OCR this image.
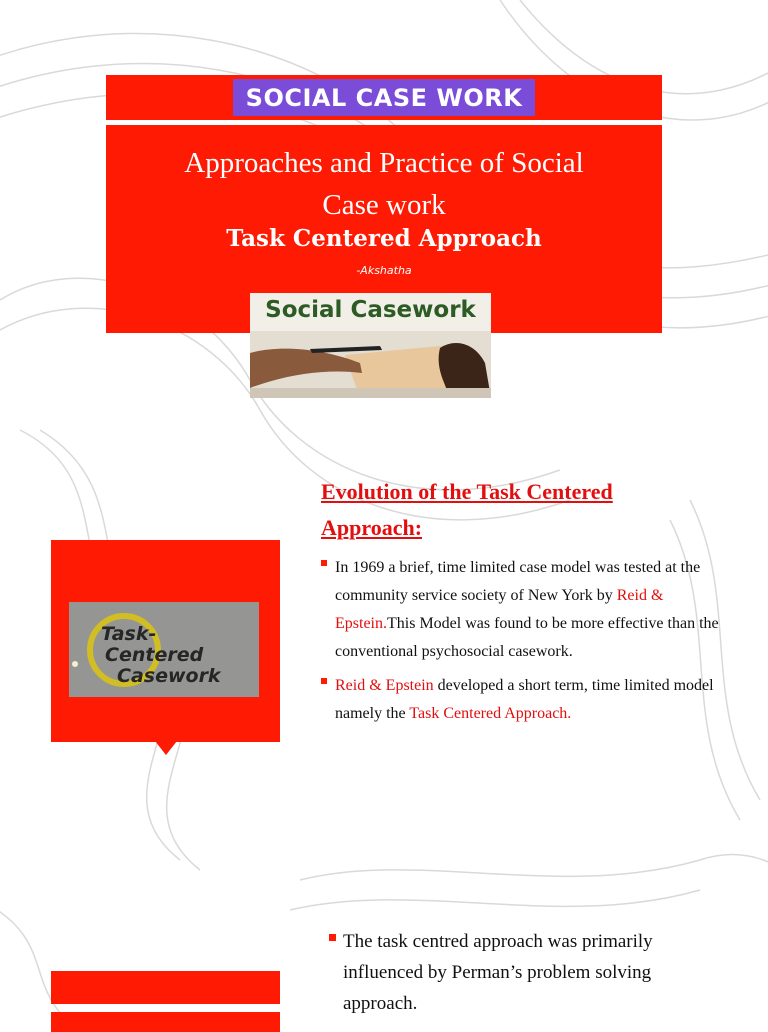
SOCIAL CASE WORK
Approaches and Practice of Social
Case work
Task Centered Approach
-Akshatha
Social Casework
Task-
Centered
Casework
Evolution of the Task Centered
Approach:
In 1969 a brief, time limited case model was tested at the community service society of New York by Reid & Epstein.This Model was found to be more effective than the conventional psychosocial casework.
Reid & Epstein developed a short term, time limited model namely the Task Centered Approach.
The task centred approach was primarily influenced by Perman’s problem solving approach.
